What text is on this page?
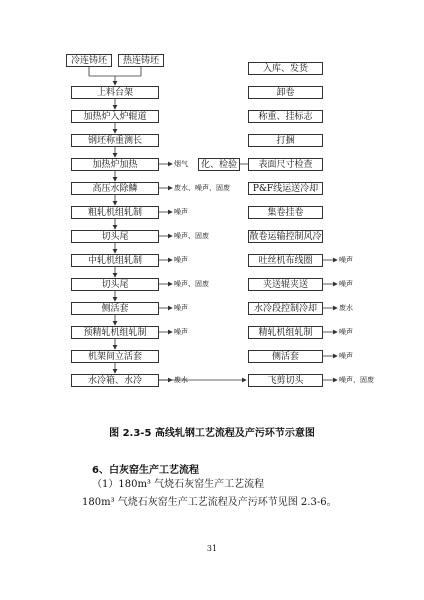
冷连铸坯	热连铸坯
上料台架
加热炉入炉辊道
钢坯称重测长
加热炉加热
高压水除鳞
粗轧机组轧制
切头尾
中轧机组轧制
切头尾
侧活套
预精轧机组轧制
机架间立活套
水冷箱、水冷
烟气
废水、噪声、固废
噪声
噪声、固废
噪声
噪声、固废
噪声
噪声
废水
化、检验
入库、发货
卸卷
称重、挂标志
打捆
表面尺寸检查
P&F线运送冷却
集卷挂卷
散卷运输控制风冷
吐丝机布线圈
夹送辊夹送
水冷段控制冷却
精轧机组轧制
侧活套
飞剪切头
噪声
噪声
废水
噪声
噪声
噪声、固废
图 2.3-5 高线轧钢工艺流程及产污环节示意图
6、白灰窑生产工艺流程
（1）180m³ 气烧石灰窑生产工艺流程
180m³ 气烧石灰窑生产工艺流程及产污环节见图 2.3-6。
31
